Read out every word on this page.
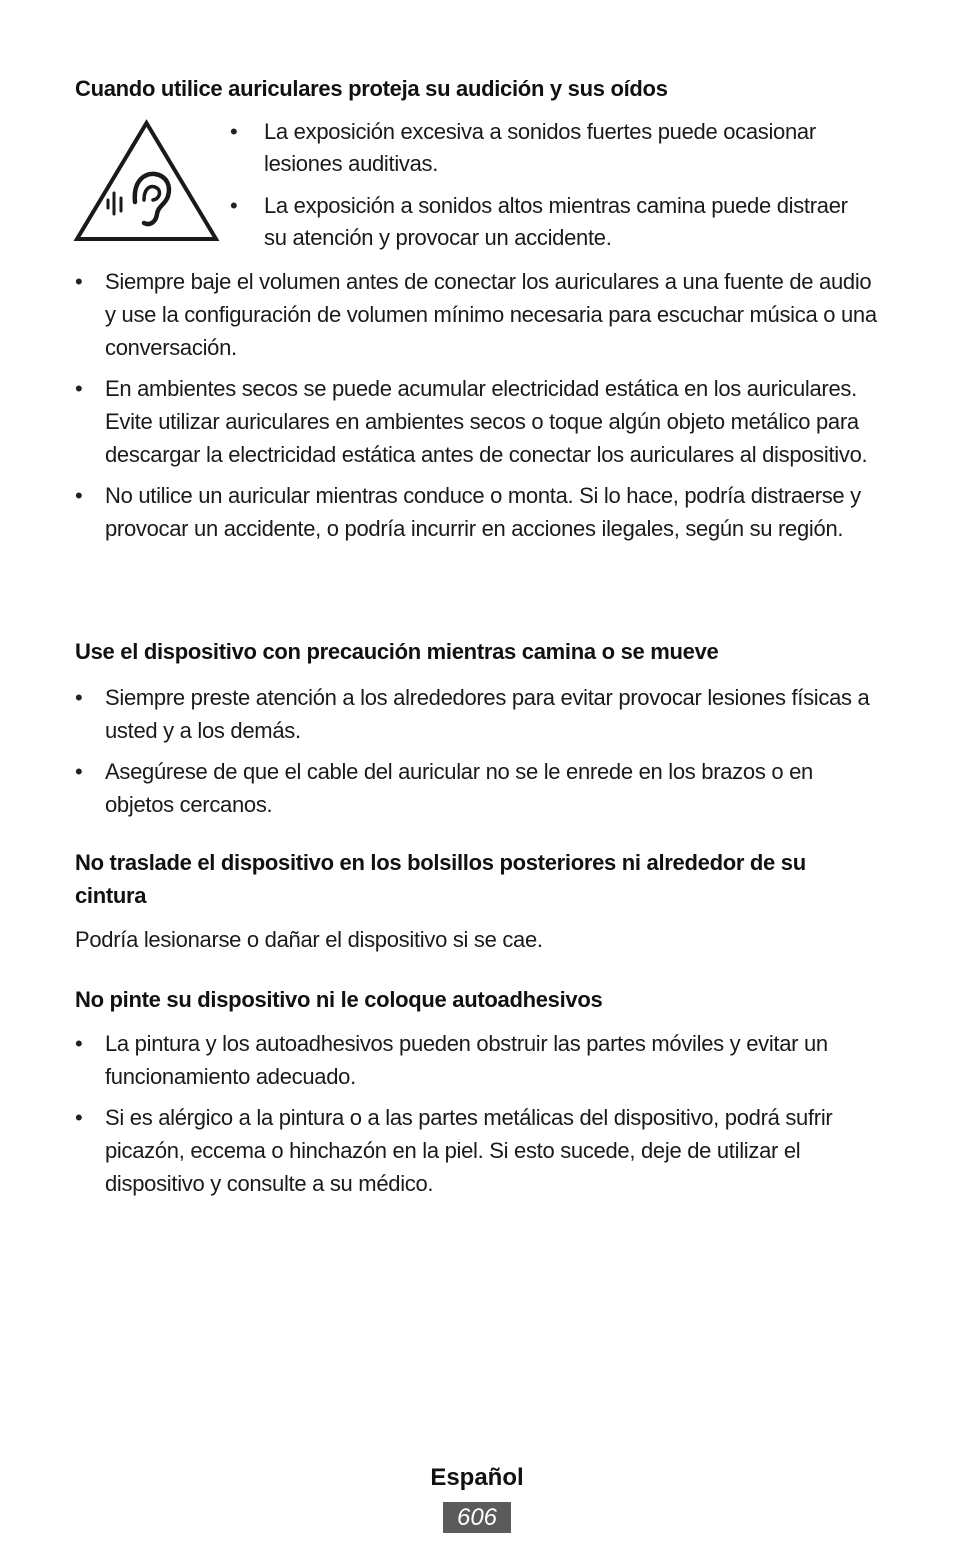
Cuando utilice auriculares proteja su audición y sus oídos
• La exposición excesiva a sonidos fuertes puede ocasionar lesiones auditivas.
• La exposición a sonidos altos mientras camina puede distraer su atención y provocar un accidente.
• Siempre baje el volumen antes de conectar los auriculares a una fuente de audio y use la configuración de volumen mínimo necesaria para escuchar música o una conversación.
• En ambientes secos se puede acumular electricidad estática en los auriculares. Evite utilizar auriculares en ambientes secos o toque algún objeto metálico para descargar la electricidad estática antes de conectar los auriculares al dispositivo.
• No utilice un auricular mientras conduce o monta. Si lo hace, podría distraerse y provocar un accidente, o podría incurrir en acciones ilegales, según su región.
Use el dispositivo con precaución mientras camina o se mueve
• Siempre preste atención a los alrededores para evitar provocar lesiones físicas a usted y a los demás.
• Asegúrese de que el cable del auricular no se le enrede en los brazos o en objetos cercanos.
No traslade el dispositivo en los bolsillos posteriores ni alrededor de su cintura
Podría lesionarse o dañar el dispositivo si se cae.
No pinte su dispositivo ni le coloque autoadhesivos
• La pintura y los autoadhesivos pueden obstruir las partes móviles y evitar un funcionamiento adecuado.
• Si es alérgico a la pintura o a las partes metálicas del dispositivo, podrá sufrir picazón, eccema o hinchazón en la piel. Si esto sucede, deje de utilizar el dispositivo y consulte a su médico.
Español
606
